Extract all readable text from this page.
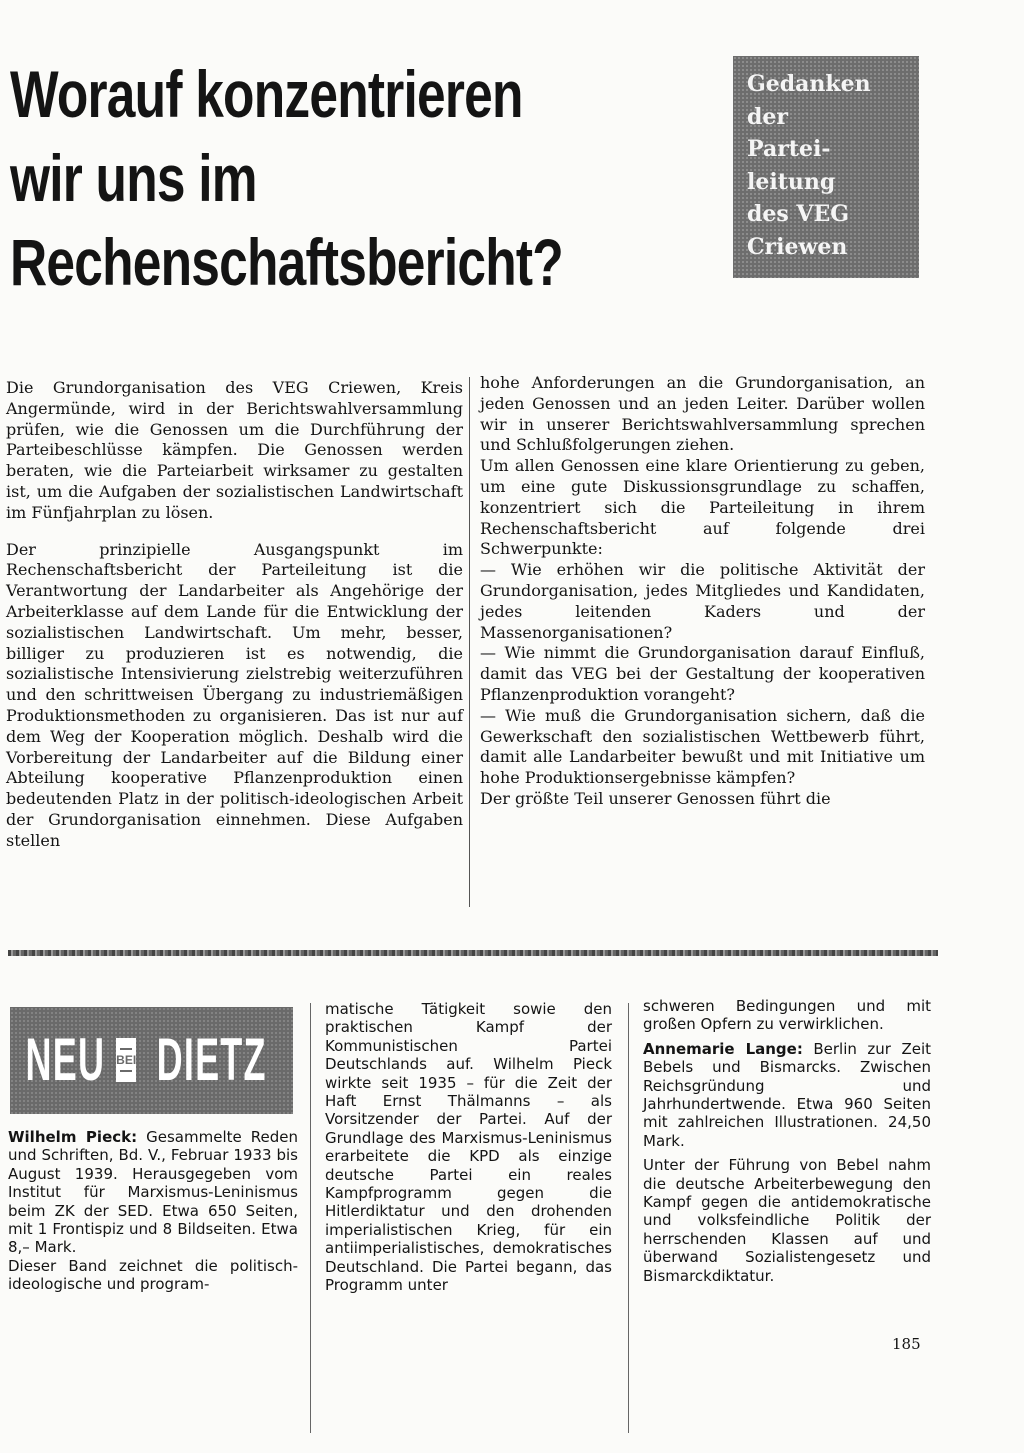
Worauf konzentrieren
wir uns im
Rechenschaftsbericht?
Gedanken
der
Partei-
leitung
des VEG
Criewen

Die Grundorganisation des VEG Criewen, Kreis Angermünde, wird in der Berichtswahlversammlung prüfen, wie die Genossen um die Durchführung der Parteibeschlüsse kämpfen. Die Genossen werden beraten, wie die Parteiarbeit wirksamer zu gestalten ist, um die Aufgaben der sozialistischen Landwirtschaft im Fünfjahrplan zu lösen.

Der prinzipielle Ausgangspunkt im Rechenschaftsbericht der Parteileitung ist die Verantwortung der Landarbeiter als Angehörige der Arbeiterklasse auf dem Lande für die Entwicklung der sozialistischen Landwirtschaft. Um mehr, besser, billiger zu produzieren ist es notwendig, die sozialistische Intensivierung zielstrebig weiterzuführen und den schrittweisen Übergang zu industriemäßigen Produktionsmethoden zu organisieren. Das ist nur auf dem Weg der Kooperation möglich. Deshalb wird die Vorbereitung der Landarbeiter auf die Bildung einer Abteilung kooperative Pflanzenproduktion einen bedeutenden Platz in der politisch-ideologischen Arbeit der Grundorganisation einnehmen. Diese Aufgaben stellen

hohe Anforderungen an die Grundorganisation, an jeden Genossen und an jeden Leiter. Darüber wollen wir in unserer Berichtswahlversammlung sprechen und Schlußfolgerungen ziehen.

Um allen Genossen eine klare Orientierung zu geben, um eine gute Diskussionsgrundlage zu schaffen, konzentriert sich die Parteileitung in ihrem Rechenschaftsbericht auf folgende drei Schwerpunkte:

— Wie erhöhen wir die politische Aktivität der Grundorganisation, jedes Mitgliedes und Kandidaten, jedes leitenden Kaders und der Massenorganisationen?

— Wie nimmt die Grundorganisation darauf Einfluß, damit das VEG bei der Gestaltung der kooperativen Pflanzenproduktion vorangeht?

— Wie muß die Grundorganisation sichern, daß die Gewerkschaft den sozialistischen Wettbewerb führt, damit alle Landarbeiter bewußt und mit Initiative um hohe Produktionsergebnisse kämpfen?

Der größte Teil unserer Genossen führt die

NEU BEI DIETZ

Wilhelm Pieck: Gesammelte Reden und Schriften, Bd. V., Februar 1933 bis August 1939. Herausgegeben vom Institut für Marxismus-Leninismus beim ZK der SED. Etwa 650 Seiten, mit 1 Frontispiz und 8 Bildseiten. Etwa 8,– Mark.

Dieser Band zeichnet die politisch-ideologische und program-

matische Tätigkeit sowie den praktischen Kampf der Kommunistischen Partei Deutschlands auf. Wilhelm Pieck wirkte seit 1935 – für die Zeit der Haft Ernst Thälmanns – als Vorsitzender der Partei. Auf der Grundlage des Marxismus-Leninismus erarbeitete die KPD als einzige deutsche Partei ein reales Kampfprogramm gegen die Hitlerdiktatur und den drohenden imperialistischen Krieg, für ein antiimperialistisches, demokratisches Deutschland. Die Partei begann, das Programm unter

schweren Bedingungen und mit großen Opfern zu verwirklichen.

Annemarie Lange: Berlin zur Zeit Bebels und Bismarcks. Zwischen Reichsgründung und Jahrhundertwende. Etwa 960 Seiten mit zahlreichen Illustrationen. 24,50 Mark.

Unter der Führung von Bebel nahm die deutsche Arbeiterbewegung den Kampf gegen die antidemokratische und volksfeindliche Politik der herrschenden Klassen auf und überwand Sozialistengesetz und Bismarckdiktatur.

185
